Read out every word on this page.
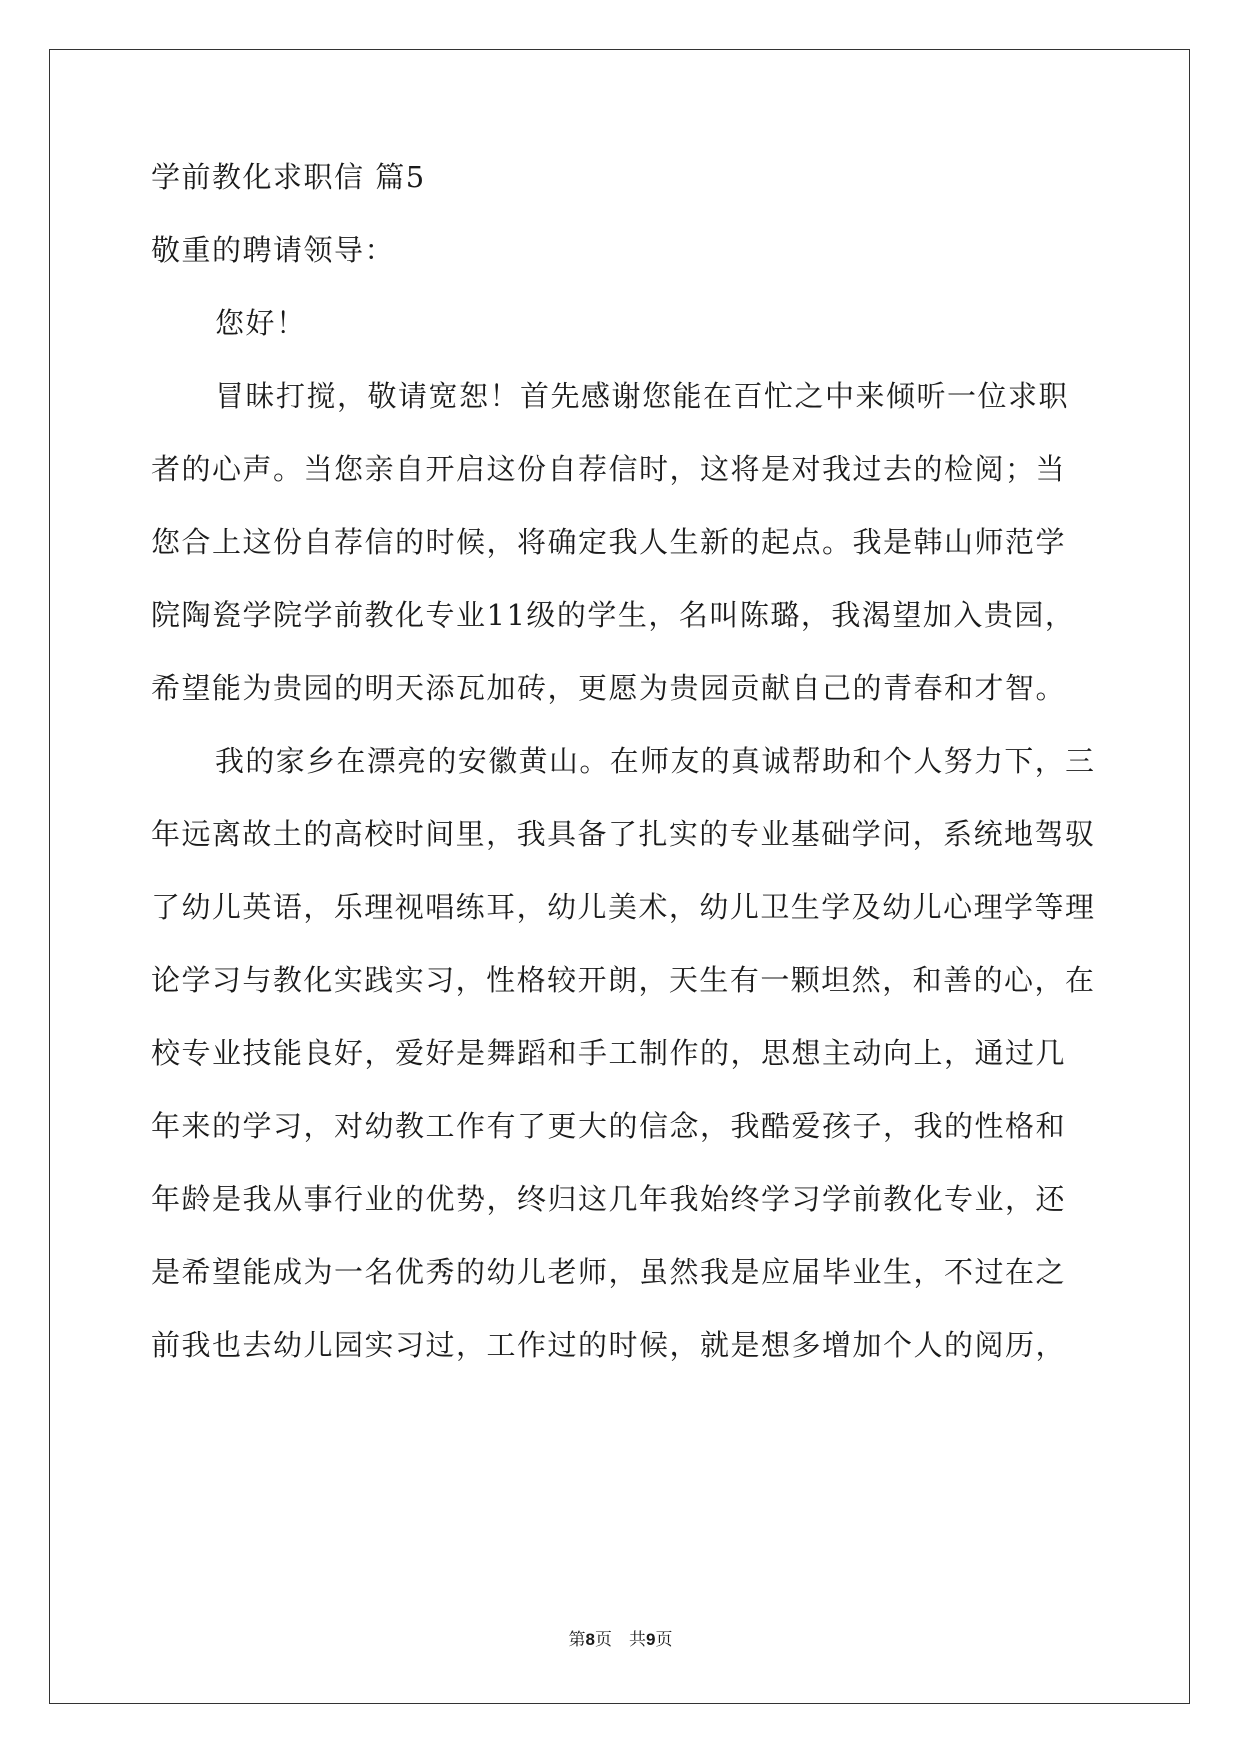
学前教化求职信 篇5
敬重的聘请领导：
您好！
冒昧打搅，敬请宽恕！首先感谢您能在百忙之中来倾听一位求职
者的心声。当您亲自开启这份自荐信时，这将是对我过去的检阅；当
您合上这份自荐信的时候，将确定我人生新的起点。我是韩山师范学
院陶瓷学院学前教化专业11级的学生，名叫陈璐，我渴望加入贵园，
希望能为贵园的明天添瓦加砖，更愿为贵园贡献自己的青春和才智。
我的家乡在漂亮的安徽黄山。在师友的真诚帮助和个人努力下，三
年远离故土的高校时间里，我具备了扎实的专业基础学问，系统地驾驭
了幼儿英语，乐理视唱练耳，幼儿美术，幼儿卫生学及幼儿心理学等理
论学习与教化实践实习，性格较开朗，天生有一颗坦然，和善的心，在
校专业技能良好，爱好是舞蹈和手工制作的，思想主动向上，通过几
年来的学习，对幼教工作有了更大的信念，我酷爱孩子，我的性格和
年龄是我从事行业的优势，终归这几年我始终学习学前教化专业，还
是希望能成为一名优秀的幼儿老师，虽然我是应届毕业生，不过在之
前我也去幼儿园实习过，工作过的时候，就是想多增加个人的阅历，
第8页　共9页
